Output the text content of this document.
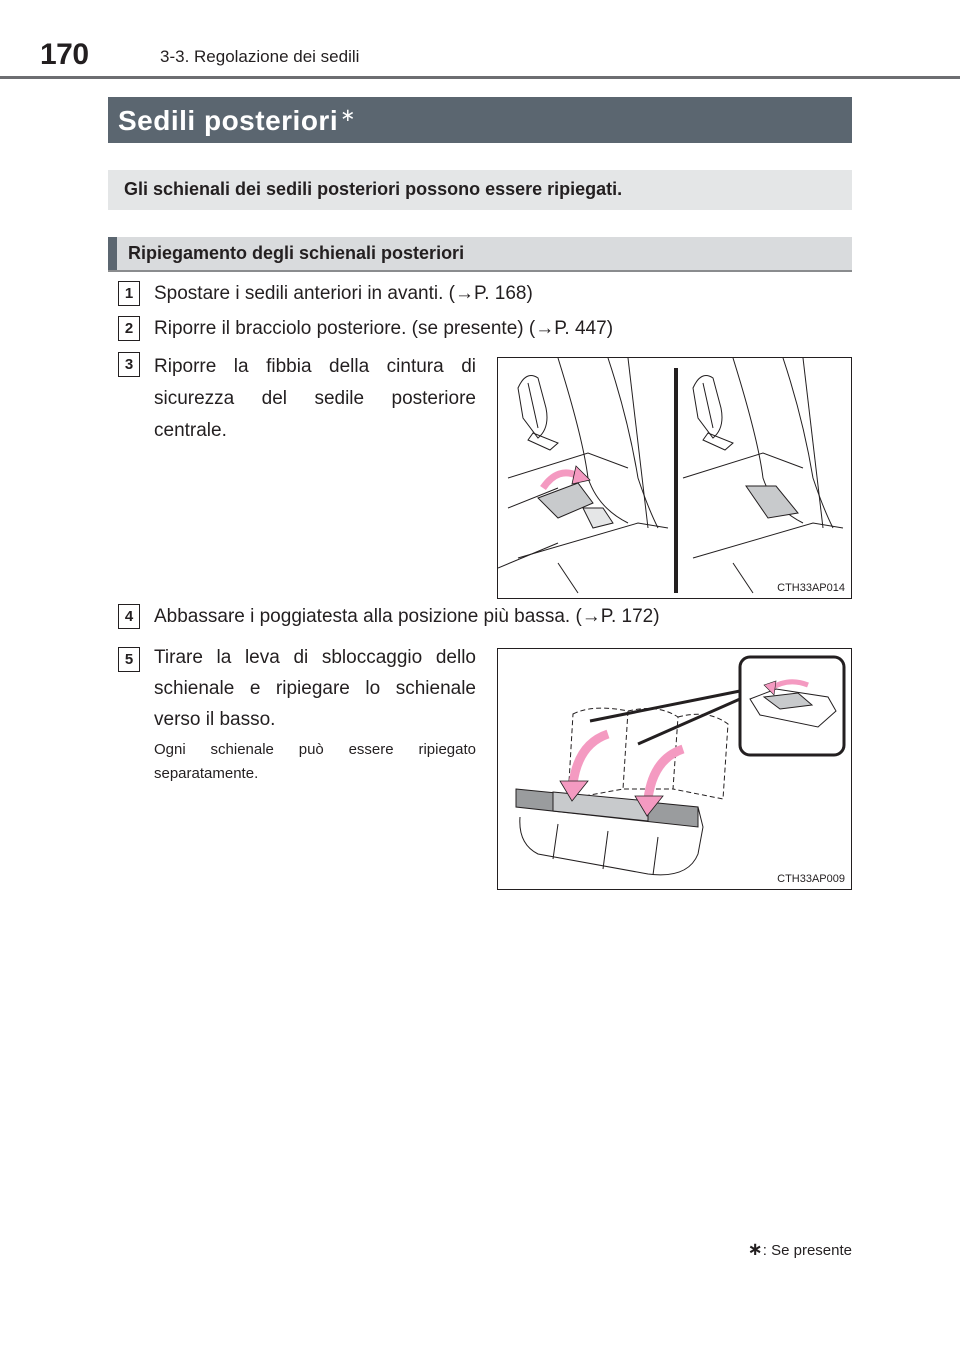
170	3-3. Regolazione dei sedili
Sedili posteriori ∗
Gli schienali dei sedili posteriori possono essere ripiegati.
Ripiegamento degli schienali posteriori
1	Spostare i sedili anteriori in avanti. (→P. 168)
2	Riporre il bracciolo posteriore. (se presente) (→P. 447)
3	Riporre la fibbia della cintura di sicurezza del sedile posteriore centrale.
CTH33AP014
4	Abbassare i poggiatesta alla posizione più bassa. (→P. 172)
5	Tirare la leva di sbloccaggio dello schienale e ripiegare lo schienale verso il basso.
Ogni schienale può essere ripiegato separatamente.
CTH33AP009
∗: Se presente
